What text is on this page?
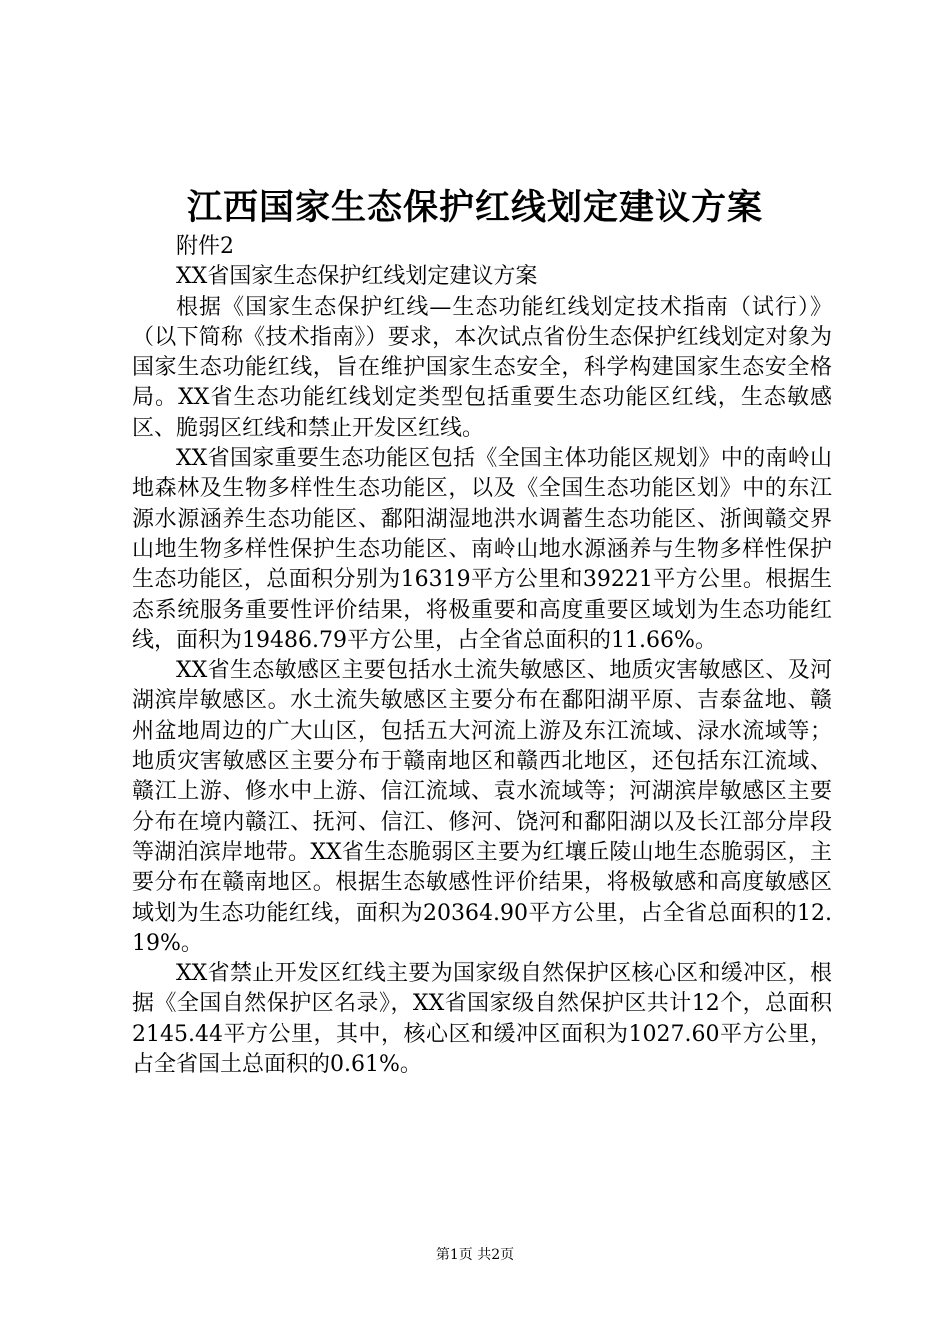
江西国家生态保护红线划定建议方案

附件2

XX省国家生态保护红线划定建议方案

根据《国家生态保护红线—生态功能红线划定技术指南（试行）》（以下简称《技术指南》）要求，本次试点省份生态保护红线划定对象为国家生态功能红线，旨在维护国家生态安全，科学构建国家生态安全格局。XX省生态功能红线划定类型包括重要生态功能区红线，生态敏感区、脆弱区红线和禁止开发区红线。

XX省国家重要生态功能区包括《全国主体功能区规划》中的南岭山地森林及生物多样性生态功能区，以及《全国生态功能区划》中的东江源水源涵养生态功能区、鄱阳湖湿地洪水调蓄生态功能区、浙闽赣交界山地生物多样性保护生态功能区、南岭山地水源涵养与生物多样性保护生态功能区，总面积分别为16319平方公里和39221平方公里。根据生态系统服务重要性评价结果，将极重要和高度重要区域划为生态功能红线，面积为19486.79平方公里，占全省总面积的11.66%。

XX省生态敏感区主要包括水土流失敏感区、地质灾害敏感区、及河湖滨岸敏感区。水土流失敏感区主要分布在鄱阳湖平原、吉泰盆地、赣州盆地周边的广大山区，包括五大河流上游及东江流域、渌水流域等；地质灾害敏感区主要分布于赣南地区和赣西北地区，还包括东江流域、赣江上游、修水中上游、信江流域、袁水流域等；河湖滨岸敏感区主要分布在境内赣江、抚河、信江、修河、饶河和鄱阳湖以及长江部分岸段等湖泊滨岸地带。XX省生态脆弱区主要为红壤丘陵山地生态脆弱区，主要分布在赣南地区。根据生态敏感性评价结果，将极敏感和高度敏感区域划为生态功能红线，面积为20364.90平方公里，占全省总面积的12.19%。

XX省禁止开发区红线主要为国家级自然保护区核心区和缓冲区，根据《全国自然保护区名录》，XX省国家级自然保护区共计12个，总面积2145.44平方公里，其中，核心区和缓冲区面积为1027.60平方公里，占全省国土总面积的0.61%。

第1页 共2页
